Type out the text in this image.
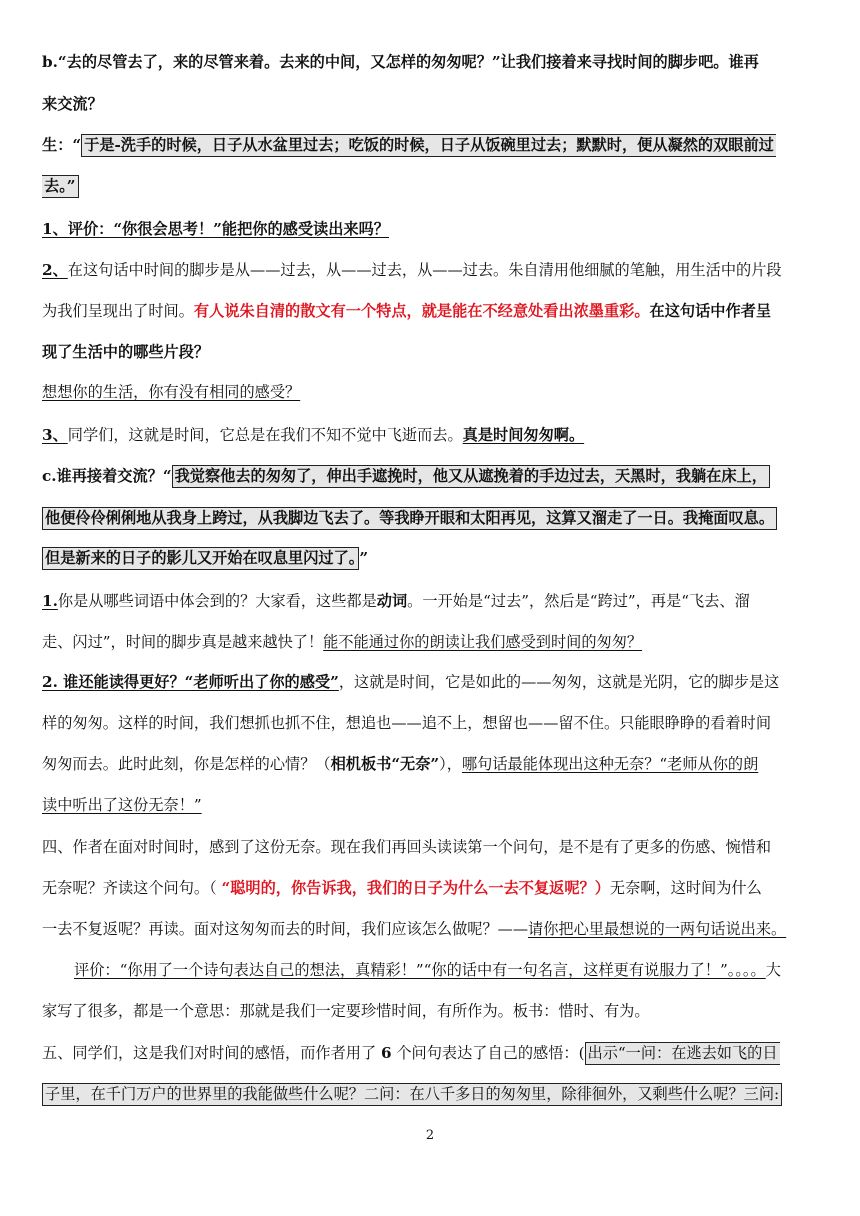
b.“去的尽管去了，来的尽管来着。去来的中间，又怎样的匆匆呢？”让我们接着来寻找时间的脚步吧。谁再
来交流？
生：“ 于是-洗手的时候，日子从水盆里过去；吃饭的时候，日子从饭碗里过去；默默时，便从凝然的双眼前过
去。”
1、评价：“你很会思考！”能把你的感受读出来吗？
2、在这句话中时间的脚步是从——过去，从——过去，从——过去。朱自清用他细腻的笔触，用生活中的片段
为我们呈现出了时间。有人说朱自清的散文有一个特点，就是能在不经意处看出浓墨重彩。在这句话中作者呈
现了生活中的哪些片段？
想想你的生活，你有没有相同的感受？
3、同学们，这就是时间，它总是在我们不知不觉中飞逝而去。真是时间匆匆啊。
c.谁再接着交流？“ 我觉察他去的匆匆了，伸出手遮挽时，他又从遮挽着的手边过去，天黑时，我躺在床上，
他便伶伶俐俐地从我身上跨过，从我脚边飞去了。等我睁开眼和太阳再见，这算又溜走了一日。我掩面叹息。
但是新来的日子的影儿又开始在叹息里闪过了。 ”
1.你是从哪些词语中体会到的？大家看，这些都是动词。一开始是“过去”，然后是“跨过”，再是“飞去、溜
走、闪过”，时间的脚步真是越来越快了！能不能通过你的朗读让我们感受到时间的匆匆？
2. 谁还能读得更好？“老师听出了你的感受”，这就是时间，它是如此的——匆匆，这就是光阴，它的脚步是这
样的匆匆。这样的时间，我们想抓也抓不住，想追也——追不上，想留也——留不住。只能眼睁睁的看着时间
匆匆而去。此时此刻，你是怎样的心情？（相机板书“无奈”），哪句话最能体现出这种无奈？“老师从你的朗
读中听出了这份无奈！”
四、作者在面对时间时，感到了这份无奈。现在我们再回头读读第一个问句，是不是有了更多的伤感、惋惜和
无奈呢？齐读这个问句。（ “聪明的，你告诉我，我们的日子为什么一去不复返呢？）无奈啊，这时间为什么
一去不复返呢？再读。面对这匆匆而去的时间，我们应该怎么做呢？——请你把心里最想说的一两句话说出来。
评价：“你用了一个诗句表达自己的想法，真精彩！”“你的话中有一句名言，这样更有说服力了！”。。。。大
家写了很多，都是一个意思：那就是我们一定要珍惜时间，有所作为。板书：惜时、有为。
五、同学们，这是我们对时间的感悟，而作者用了 6 个问句表达了自己的感悟：( 出示“一问：在逃去如飞的日
子里，在千门万户的世界里的我能做些什么呢？二问：在八千多日的匆匆里，除徘徊外，又剩些什么呢？三问:
2
